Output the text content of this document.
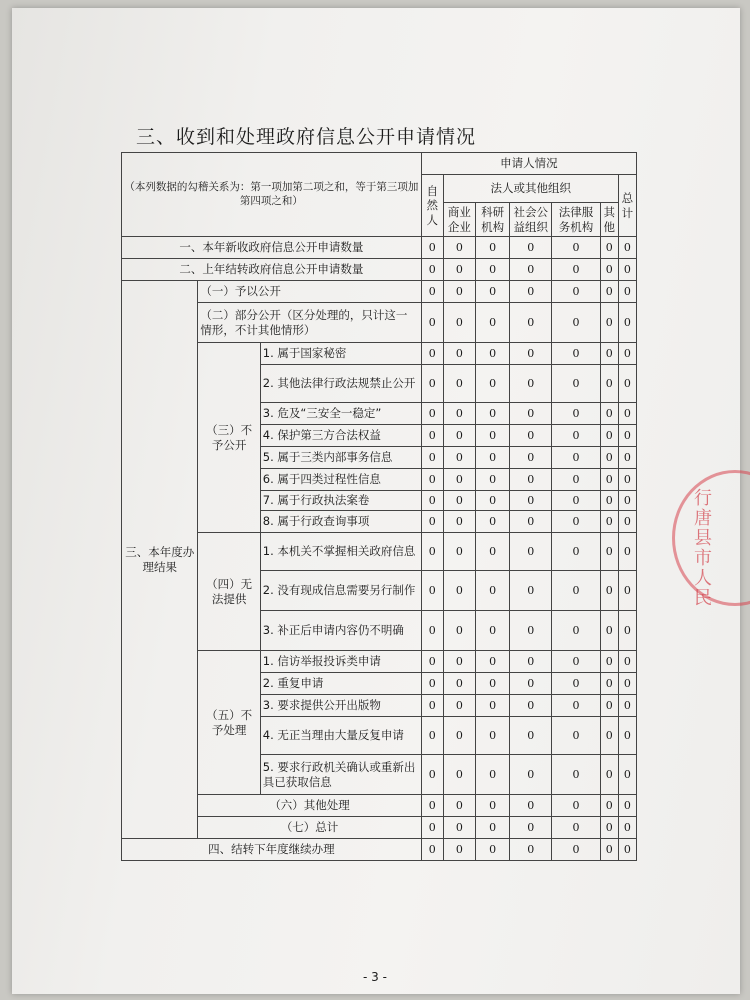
三、收到和处理政府信息公开申请情况
（本列数据的勾稽关系为：第一项加第二项之和，等于第三项加第四项之和）			申请人情况						
			自然人	法人或其他组织					总计
				商业企业	科研机构	社会公益组织	法律服务机构	其他	
一、本年新收政府信息公开申请数量			0	0	0	0	0	0	0
二、上年结转政府信息公开申请数量			0	0	0	0	0	0	0
三、本年度办理结果	（一）予以公开		0	0	0	0	0	0	0
	（二）部分公开（区分处理的，只计这一情形，不计其他情形）		0	0	0	0	0	0	0
	（三）不予公开	1. 属于国家秘密	0	0	0	0	0	0	0
		2. 其他法律行政法规禁止公开	0	0	0	0	0	0	0
		3. 危及“三安全一稳定”	0	0	0	0	0	0	0
		4. 保护第三方合法权益	0	0	0	0	0	0	0
		5. 属于三类内部事务信息	0	0	0	0	0	0	0
		6. 属于四类过程性信息	0	0	0	0	0	0	0
		7. 属于行政执法案卷	0	0	0	0	0	0	0
		8. 属于行政查询事项	0	0	0	0	0	0	0
	（四）无法提供	1. 本机关不掌握相关政府信息	0	0	0	0	0	0	0
		2. 没有现成信息需要另行制作	0	0	0	0	0	0	0
		3. 补正后申请内容仍不明确	0	0	0	0	0	0	0
	（五）不予处理	1. 信访举报投诉类申请	0	0	0	0	0	0	0
		2. 重复申请	0	0	0	0	0	0	0
		3. 要求提供公开出版物	0	0	0	0	0	0	0
		4. 无正当理由大量反复申请	0	0	0	0	0	0	0
		5. 要求行政机关确认或重新出具已获取信息	0	0	0	0	0	0	0
	（六）其他处理		0	0	0	0	0	0	0
	（七）总计		0	0	0	0	0	0	0
四、结转下年度继续办理			0	0	0	0	0	0	0
行唐县市人民
- 3 -
